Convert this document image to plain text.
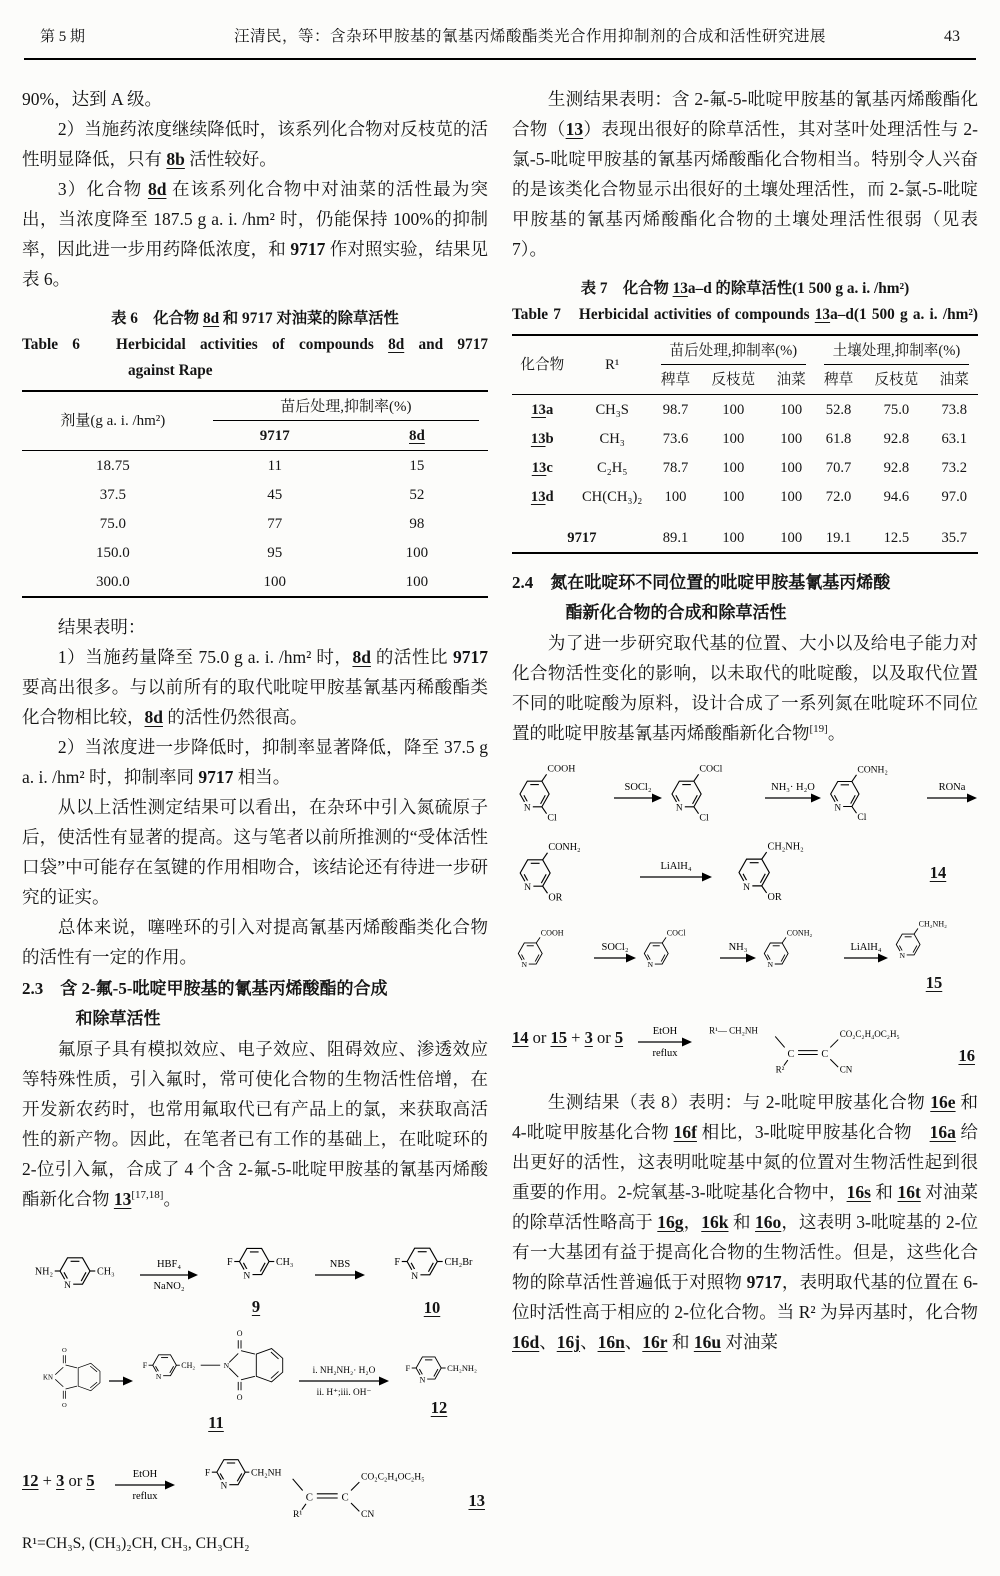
第 5 期	汪清民，等：含杂环甲胺基的氰基丙烯酸酯类光合作用抑制剂的合成和活性研究进展	43

90%，达到 A 级。

2）当施药浓度继续降低时，该系列化合物对反枝苋的活性明显降低，只有 8b 活性较好。

3）化合物 8d 在该系列化合物中对油菜的活性最为突出，当浓度降至 187.5 g a. i. /hm² 时，仍能保持 100%的抑制率，因此进一步用药降低浓度，和 9717 作对照实验，结果见表 6。

表 6　化合物 8d 和 9717 对油菜的除草活性
Table 6　Herbicidal activities of compounds 8d and 9717
against Rape
剂量(g a. i. /hm²)	苗后处理,抑制率(%)	
	9717	8d
18.75	11	15
37.5	45	52
75.0	77	98
150.0	95	100
300.0	100	100

结果表明：

1）当施药量降至 75.0 g a. i. /hm² 时，8d 的活性比 9717 要高出很多。与以前所有的取代吡啶甲胺基氰基丙稀酸酯类化合物相比较，8d 的活性仍然很高。

2）当浓度进一步降低时，抑制率显著降低，降至 37.5 g a. i. /hm² 时，抑制率同 9717 相当。

从以上活性测定结果可以看出，在杂环中引入氮硫原子后，使活性有显著的提高。这与笔者以前所推测的“受体活性口袋”中可能存在氢键的作用相吻合，该结论还有待进一步研究的证实。

总体来说，噻唑环的引入对提高氰基丙烯酸酯类化合物的活性有一定的作用。

2.3　含 2-氟-5-吡啶甲胺基的氰基丙烯酸酯的合成
和除草活性

氟原子具有模拟效应、电子效应、阻碍效应、渗透效应等特殊性质，引入氟时，常可使化合物的生物活性倍增，在开发新农药时，也常用氟取代已有产品上的氯，来获取高活性的新产物。因此，在笔者已有工作的基础上，在吡啶环的 2-位引入氟，合成了 4 个含 2-氟-5-吡啶甲胺基的氰基丙烯酸酯新化合物 13[17,18]。

NH₂	CH₃
N
HBF₄
NaNO₂
F	CH₃
N
9
NBS	F	CH₂Br
N
10
KN
O
O
→ F
N
CH₂	N
O
O
11
i. NH₂NH₂· H₂O
ii. H⁺;iii. OH⁻
F	CH₂NH₂
N
12
12 + 3 or 5	EtOH
reflux
F
N
CH₂NH
C C
R¹
CO₂C₂H₄OC₂H₅
CN
13
R¹=CH₃S, (CH₃)₂CH, CH₃, CH₃CH₂

生测结果表明：含 2-氟-5-吡啶甲胺基的氰基丙烯酸酯化合物（13）表现出很好的除草活性，其对茎叶处理活性与 2-氯-5-吡啶甲胺基的氰基丙烯酸酯化合物相当。特别令人兴奋的是该类化合物显示出很好的土壤处理活性，而 2-氯-5-吡啶甲胺基的氰基丙烯酸酯化合物的土壤处理活性很弱（见表 7）。

表 7　化合物 13a–d 的除草活性(1 500 g a. i. /hm²)
Table 7　Herbicidal activities of compounds 13a–d(1 500 g a. i. /hm²)
化合物	R¹	苗后处理,抑制率(%)			土壤处理,抑制率(%)		
		稗草	反枝苋	油菜	稗草	反枝苋	油菜
13a	CH₃S	98.7	100	100	52.8	75.0	73.8
13b	CH₃	73.6	100	100	61.8	92.8	63.1
13c	C₂H₅	78.7	100	100	70.7	92.8	73.2
13d	CH(CH₃)₂	100	100	100	72.0	94.6	97.0

9717		89.1	100	100	19.1	12.5	35.7
2.4　氮在吡啶环不同位置的吡啶甲胺基氰基丙烯酸
酯新化合物的合成和除草活性

为了进一步研究取代基的位置、大小以及给电子能力对化合物活性变化的影响，以未取代的吡啶酸，以及取代位置不同的吡啶酸为原料，设计合成了一系列氮在吡啶环不同位置的吡啶甲胺基氰基丙烯酸酯新化合物[19]。

COOH
Cl
N
SOCl₂
COCl
Cl
N
NH₃· H₂O
CONH₂
Cl
N
RONa
CONH₂
OR
N
LiAlH₄
CH₂NH₂
OR
N
14
COOH
N
SOCl₂
COCl
N
NH₃
CONH₂
N
LiAlH₄
CH₂NH₂
N
15
14 or 15 + 3 or 5	EtOH
reflux
R¹— CH₂NH
C C
R²
CO₂C₂H₄OC₂H₅
CN
16

生测结果（表 8）表明：与 2-吡啶甲胺基化合物 16e 和 4-吡啶甲胺基化合物 16f 相比，3-吡啶甲胺基化合物　16a 给出更好的活性，这表明吡啶基中氮的位置对生物活性起到很重要的作用。2-烷氧基-3-吡啶基化合物中，16s 和 16t 对油菜的除草活性略高于 16g，16k 和 16o，这表明 3-吡啶基的 2-位有一大基团有益于提高化合物的生物活性。但是，这些化合物的除草活性普遍低于对照物 9717，表明取代基的位置在 6-位时活性高于相应的 2-位化合物。当 R² 为异丙基时，化合物 16d、16j、16n、16r 和 16u 对油菜
